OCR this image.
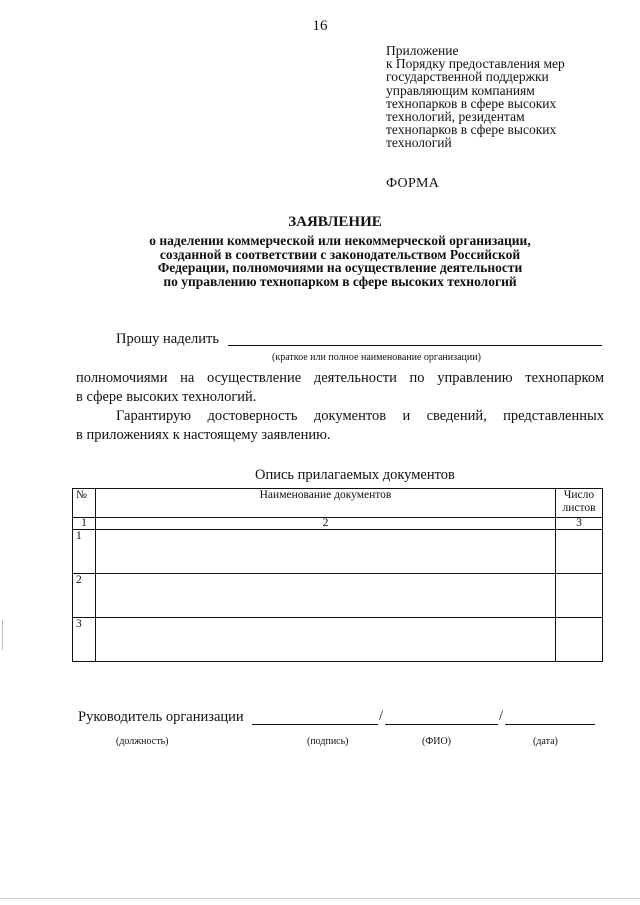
16
Приложение
к Порядку предоставления мер
государственной поддержки
управляющим компаниям
технопарков в сфере высоких
технологий, резидентам
технопарков в сфере высоких
технологий
ФОРМА
ЗАЯВЛЕНИЕ
о наделении коммерческой или некоммерческой организации,
созданной в соответствии с законодательством Российской
Федерации, полномочиями на осуществление деятельности
по управлению технопарком в сфере высоких технологий
Прошу наделить
(краткое или полное наименование организации)
полномочиями на осуществление деятельности по управлению технопарком
в сфере высоких технологий.
Гарантирую достоверность документов и сведений, представленных
в приложениях к настоящему заявлению.
Опись прилагаемых документов
№	Наименование документов	Число листов
1	2	3
1		
2		
3		
Руководитель организации	/	/
(должность)	(подпись)	(ФИО)	(дата)
